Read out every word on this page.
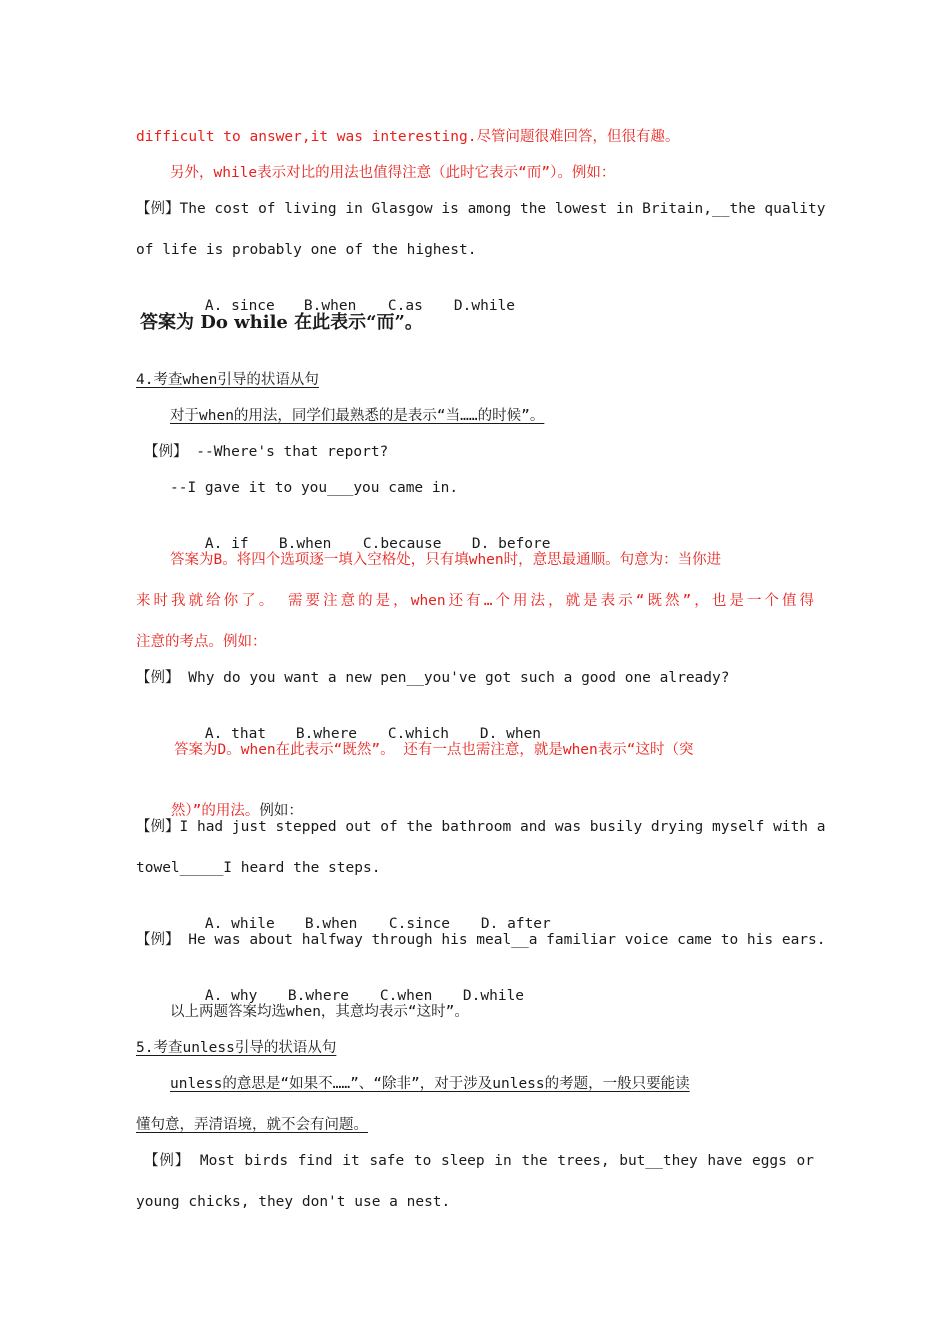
difficult to answer,it was interesting.尽管问题很难回答，但很有趣。
另外，while表示对比的用法也值得注意（此时它表示“而”）。例如：
【例】The cost of living in Glasgow is among the lowest in Britain,__the quality
of life is probably one of the highest.

A. since B.when C.as D.while

答案为 Do while 在此表示“而”。
4.考查when引导的状语从句
对于when的用法，同学们最熟悉的是表示“当……的时候”。
【例】 --Where's that report?
--I gave it to you___you came in.

A. if B.when C.because D. before

答案为B。将四个选项逐一填入空格处，只有填when时，意思最通顺。句意为：当你进
来时我就给你了。 需要注意的是，when还有…个用法，就是表示“既然”，也是一个值得
注意的考点。例如：
【例】 Why do you want a new pen__you've got such a good one already?

A. that B.where C.which D. when

答案为D。when在此表示“既然”。 还有一点也需注意，就是when表示“这时（突

然）”的用法。例如：

【例】I had just stepped out of the bathroom and was busily drying myself with a
towel_____I heard the steps.

A. while B.when C.since D. after

【例】 He was about halfway through his meal__a familiar voice came to his ears.

A. why B.where C.when D.while

以上两题答案均选when，其意均表示“这时”。
5.考查unless引导的状语从句
unless的意思是“如果不……”、“除非”，对于涉及unless的考题，一般只要能读
懂句意，弄清语境，就不会有问题。
【例】 Most birds find it safe to sleep in the trees, but__they have eggs or
young chicks, they don't use a nest.
